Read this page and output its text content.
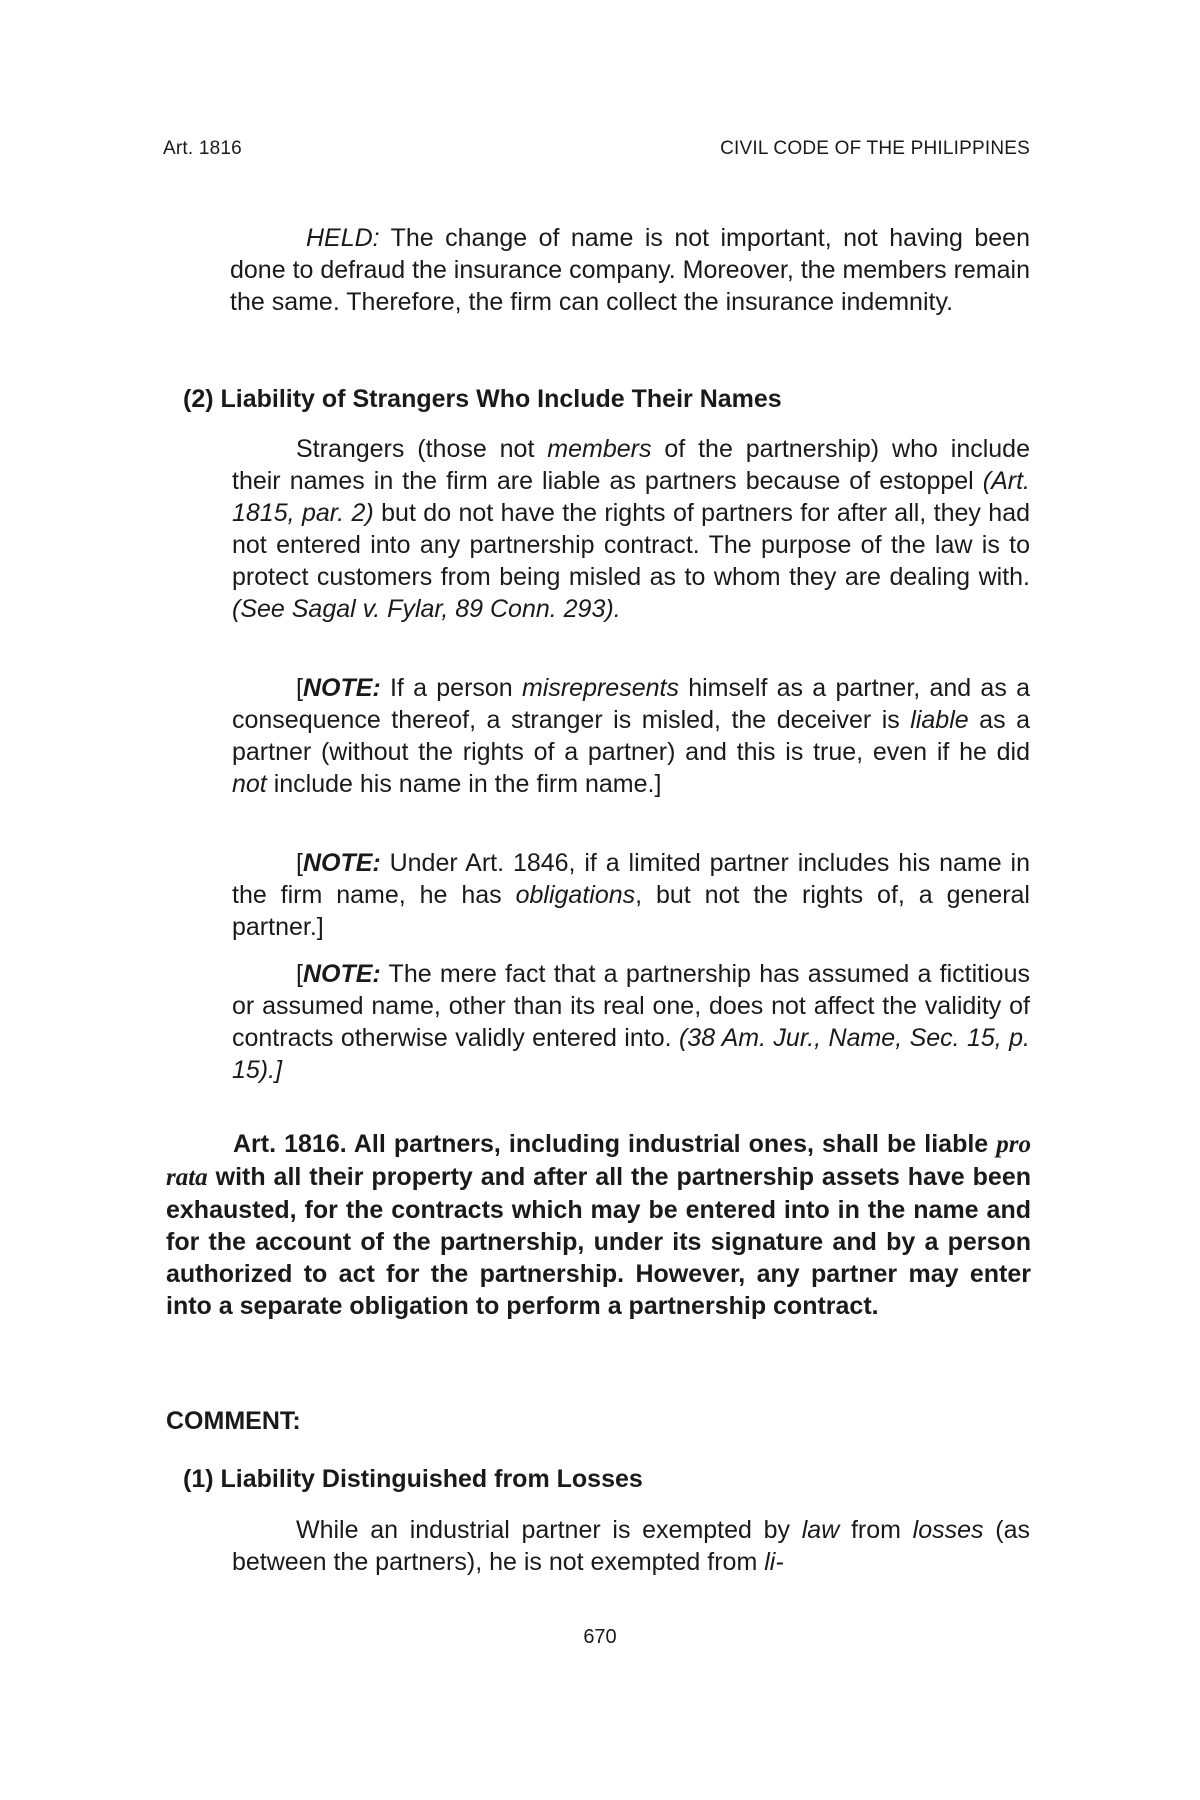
Art. 1816	CIVIL CODE OF THE PHILIPPINES

HELD: The change of name is not important, not having been done to defraud the insurance company. Moreover, the members remain the same. Therefore, the firm can collect the insurance indemnity.

(2) Liability of Strangers Who Include Their Names

Strangers (those not members of the partnership) who include their names in the firm are liable as partners because of estoppel (Art. 1815, par. 2) but do not have the rights of partners for after all, they had not entered into any partnership contract. The purpose of the law is to protect customers from being misled as to whom they are dealing with. (See Sagal v. Fylar, 89 Conn. 293).

[NOTE: If a person misrepresents himself as a partner, and as a consequence thereof, a stranger is misled, the deceiver is liable as a partner (without the rights of a partner) and this is true, even if he did not include his name in the firm name.]

[NOTE: Under Art. 1846, if a limited partner includes his name in the firm name, he has obligations, but not the rights of, a general partner.]

[NOTE: The mere fact that a partnership has assumed a fictitious or assumed name, other than its real one, does not affect the validity of contracts otherwise validly entered into. (38 Am. Jur., Name, Sec. 15, p. 15).]

Art. 1816. All partners, including industrial ones, shall be liable pro rata with all their property and after all the partnership assets have been exhausted, for the contracts which may be entered into in the name and for the account of the partnership, under its signature and by a person authorized to act for the partnership. However, any partner may enter into a separate obligation to perform a partnership contract.

COMMENT:
(1) Liability Distinguished from Losses

While an industrial partner is exempted by law from losses (as between the partners), he is not exempted from li-

670
